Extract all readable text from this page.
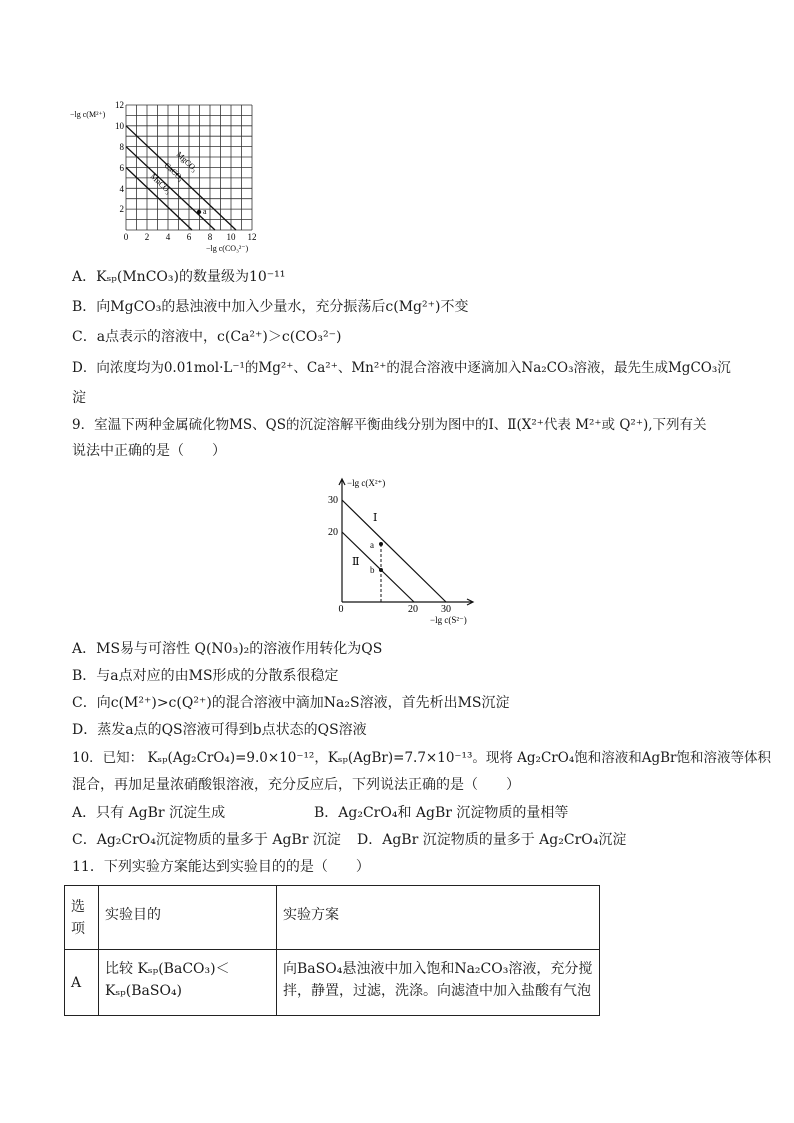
a
MgCO₃
CaCO₃
MnCO₃
−lg c(M²⁺)
12
10
8
6
4
2
0 2 4 6 8 10 12
−lg c(CO₃²⁻)
A．Kₛₚ(MnCO₃)的数量级为10⁻¹¹
B．向MgCO₃的悬浊液中加入少量水，充分振荡后c(Mg²⁺)不变
C．a点表示的溶液中，c(Ca²⁺)＞c(CO₃²⁻)
D．向浓度均为0.01mol·L⁻¹的Mg²⁺、Ca²⁺、Mn²⁺的混合溶液中逐滴加入Na₂CO₃溶液，最先生成MgCO₃沉
淀
9．室温下两种金属硫化物MS、QS的沉淀溶解平衡曲线分别为图中的Ⅰ、Ⅱ(X²⁺代表 M²⁺或 Q²⁺),下列有关
说法中正确的是（　　）
a
b
Ⅰ
Ⅱ
−lg c(X²⁺)
30
20
0	20 30
−lg c(S²⁻)
A．MS易与可溶性 Q(N0₃)₂的溶液作用转化为QS
B．与a点对应的由MS形成的分散系很稳定
C．向c(M²⁺)>c(Q²⁺)的混合溶液中滴加Na₂S溶液，首先析出MS沉淀
D．蒸发a点的QS溶液可得到b点状态的QS溶液
10．已知： Kₛₚ(Ag₂CrO₄)=9.0×10⁻¹²，Kₛₚ(AgBr)=7.7×10⁻¹³。现将 Ag₂CrO₄饱和溶液和AgBr饱和溶液等体积
混合，再加足量浓硝酸银溶液，充分反应后，下列说法正确的是（　　）
A．只有 AgBr 沉淀生成	B．Ag₂CrO₄和 AgBr 沉淀物质的量相等
C．Ag₂CrO₄沉淀物质的量多于 AgBr 沉淀 D．AgBr 沉淀物质的量多于 Ag₂CrO₄沉淀
11．下列实验方案能达到实验目的的是（　　）
选项	实验目的	实验方案
A	比较 Kₛₚ(BaCO₃)＜Kₛₚ(BaSO₄)	向BaSO₄悬浊液中加入饱和Na₂CO₃溶液，充分搅拌，静置，过滤，洗涤。向滤渣中加入盐酸有气泡
